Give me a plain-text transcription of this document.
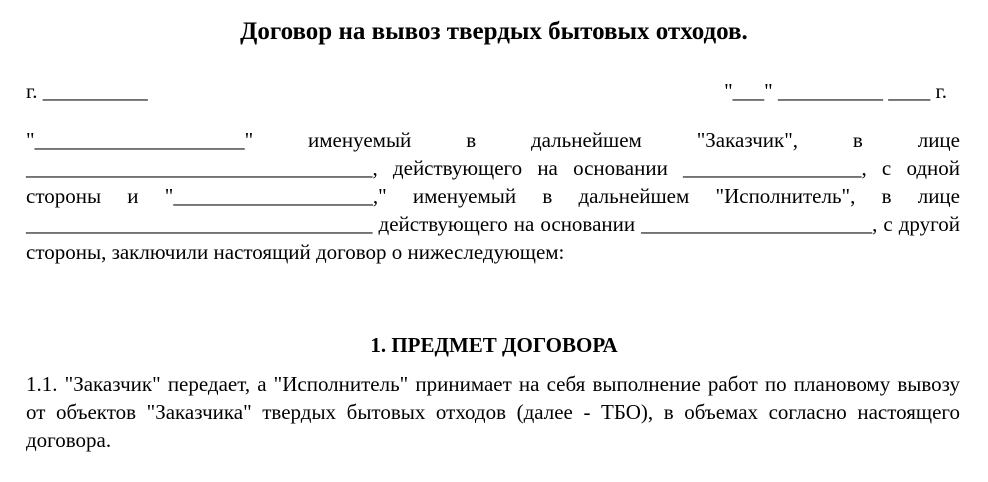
Договор на вывоз твердых бытовых отходов.
г. __________	"___" __________ ____ г.

"____________________" именуемый в дальнейшем "Заказчик", в лице _________________________________, действующего на основании _________________, с одной стороны и "___________________," именуемый в дальнейшем "Исполнитель", в лице _________________________________ действующего на основании ______________________, с другой стороны, заключили настоящий договор о нижеследующем:

1. ПРЕДМЕТ ДОГОВОРА

1.1. "Заказчик" передает, а "Исполнитель" принимает на себя выполнение работ по плановому вывозу от объектов "Заказчика" твердых бытовых отходов (далее - ТБО), в объемах согласно настоящего договора.
